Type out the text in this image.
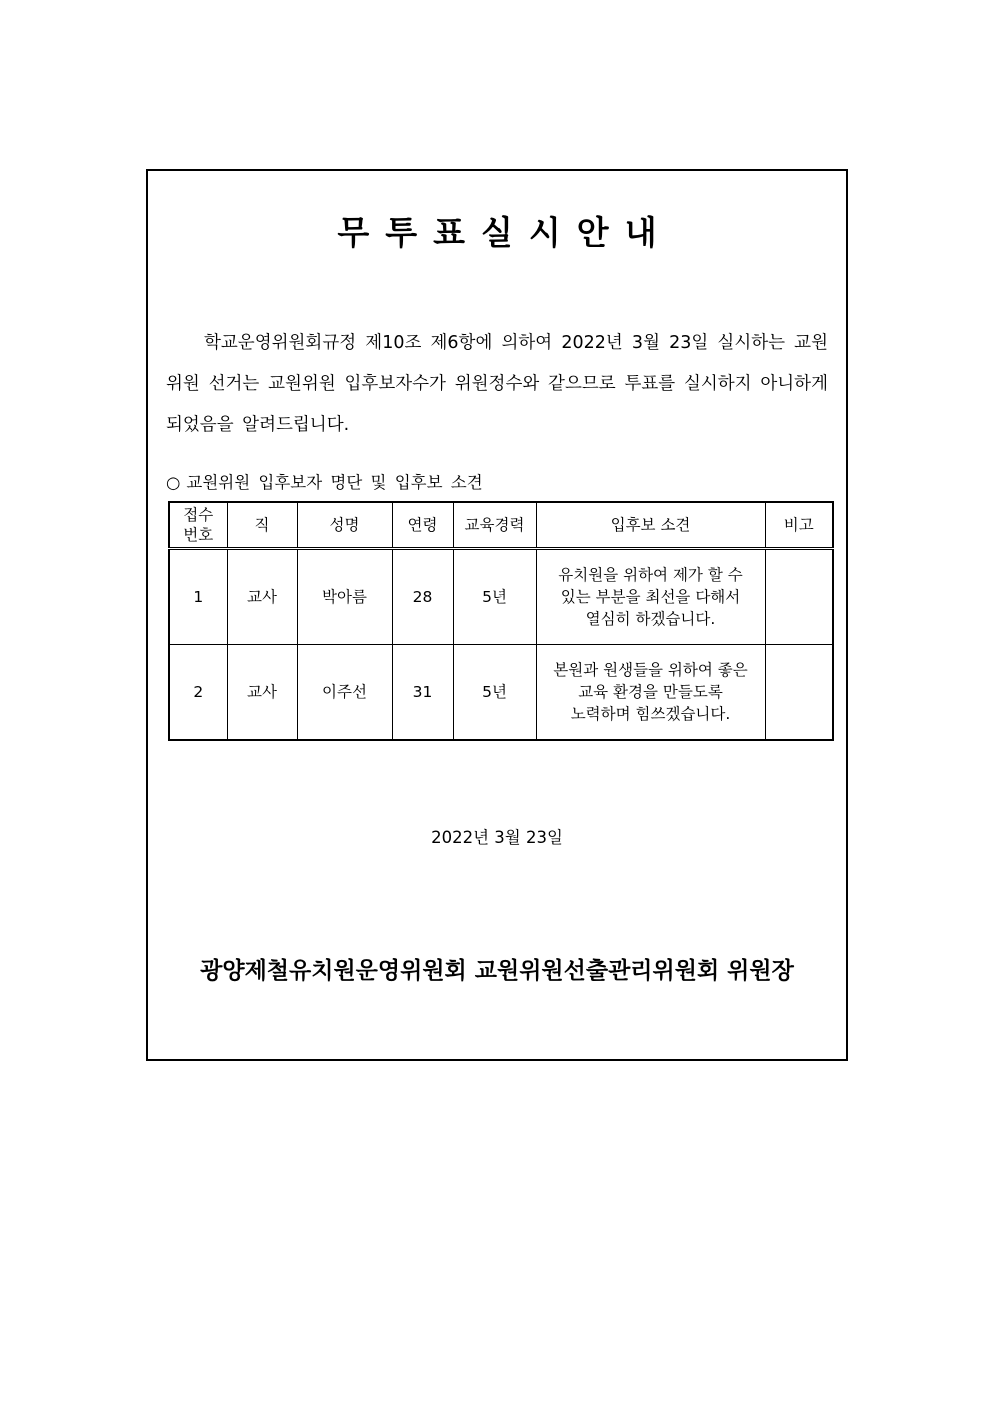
무투표실시안내
학교운영위원회규정 제10조 제6항에 의하여 2022년 3월 23일 실시하는 교원위원 선거는 교원위원 입후보자수가 위원정수와 같으므로 투표를 실시하지 아니하게 되었음을 알려드립니다.
○ 교원위원 입후보자 명단 및 입후보 소견
접수
번호	직	성명	연령	교육경력	입후보 소견	비고
1	교사	박아름	28	5년	유치원을 위하여 제가 할 수
있는 부분을 최선을 다해서
열심히 하겠습니다.	

2	교사	이주선	31	5년	본원과 원생들을 위하여 좋은
교육 환경을 만들도록
노력하며 힘쓰겠습니다.	

2022년 3월 23일
광양제철유치원운영위원회 교원위원선출관리위원회 위원장
